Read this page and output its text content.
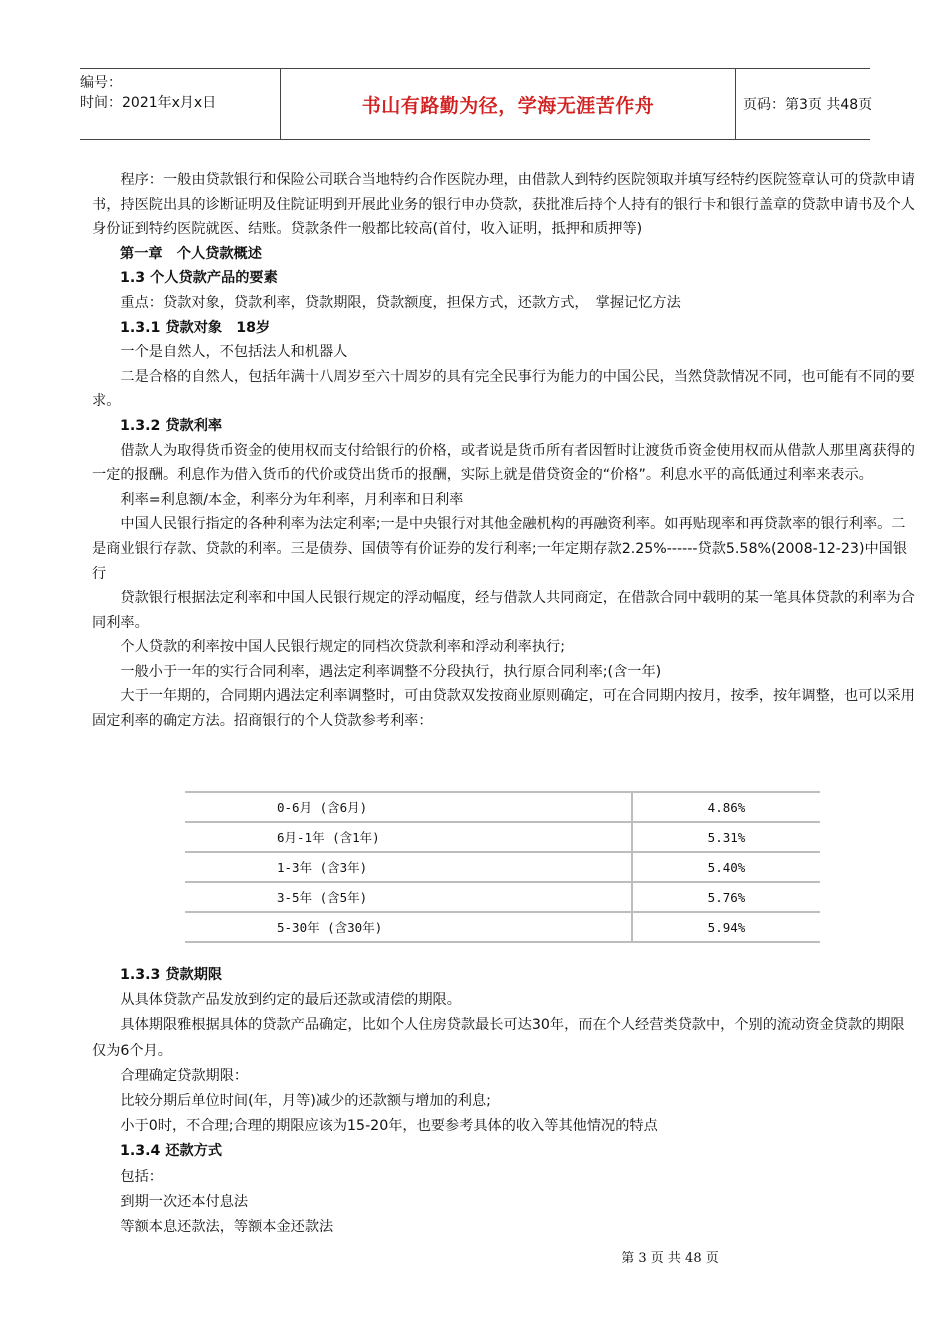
编号：
时间：2021年x月x日	书山有路勤为径，学海无涯苦作舟	页码：第3页 共48页

程序：一般由贷款银行和保险公司联合当地特约合作医院办理，由借款人到特约医院领取并填写经特约医院签章认可的贷款申请书，持医院出具的诊断证明及住院证明到开展此业务的银行申办贷款，获批准后持个人持有的银行卡和银行盖章的贷款申请书及个人身份证到特约医院就医、结账。贷款条件一般都比较高(首付，收入证明，抵押和质押等)

第一章　个人贷款概述

1.3 个人贷款产品的要素

重点：贷款对象，贷款利率，贷款期限，贷款额度，担保方式，还款方式，　掌握记忆方法

1.3.1 贷款对象　18岁

一个是自然人，不包括法人和机器人

二是合格的自然人，包括年满十八周岁至六十周岁的具有完全民事行为能力的中国公民，当然贷款情况不同，也可能有不同的要求。

1.3.2 贷款利率

借款人为取得货币资金的使用权而支付给银行的价格，或者说是货币所有者因暂时让渡货币资金使用权而从借款人那里离获得的一定的报酬。利息作为借入货币的代价或贷出货币的报酬，实际上就是借贷资金的“价格”。利息水平的高低通过利率来表示。

利率=利息额/本金，利率分为年利率，月利率和日利率

中国人民银行指定的各种利率为法定利率;一是中央银行对其他金融机构的再融资利率。如再贴现率和再贷款率的银行利率。二是商业银行存款、贷款的利率。三是债券、国债等有价证券的发行利率;一年定期存款2.25%------贷款5.58%(2008-12-23)中国银行

贷款银行根据法定利率和中国人民银行规定的浮动幅度，经与借款人共同商定，在借款合同中载明的某一笔具体贷款的利率为合同利率。

个人贷款的利率按中国人民银行规定的同档次贷款利率和浮动利率执行;

一般小于一年的实行合同利率，遇法定利率调整不分段执行，执行原合同利率;(含一年)

大于一年期的，合同期内遇法定利率调整时，可由贷款双发按商业原则确定，可在合同期内按月，按季，按年调整，也可以采用固定利率的确定方法。招商银行的个人贷款参考利率：

0-6月 (含6月)	4.86%
6月-1年 (含1年)	5.31%
1-3年 (含3年)	5.40%
3-5年 (含5年)	5.76%
5-30年 (含30年)	5.94%

1.3.3 贷款期限

从具体贷款产品发放到约定的最后还款或清偿的期限。

具体期限雅根据具体的贷款产品确定，比如个人住房贷款最长可达30年，而在个人经营类贷款中，个别的流动资金贷款的期限仅为6个月。

合理确定贷款期限：

比较分期后单位时间(年，月等)减少的还款额与增加的利息;

小于0时，不合理;合理的期限应该为15-20年，也要参考具体的收入等其他情况的特点

1.3.4 还款方式

包括：

到期一次还本付息法

等额本息还款法，等额本金还款法

第 3 页 共 48 页
